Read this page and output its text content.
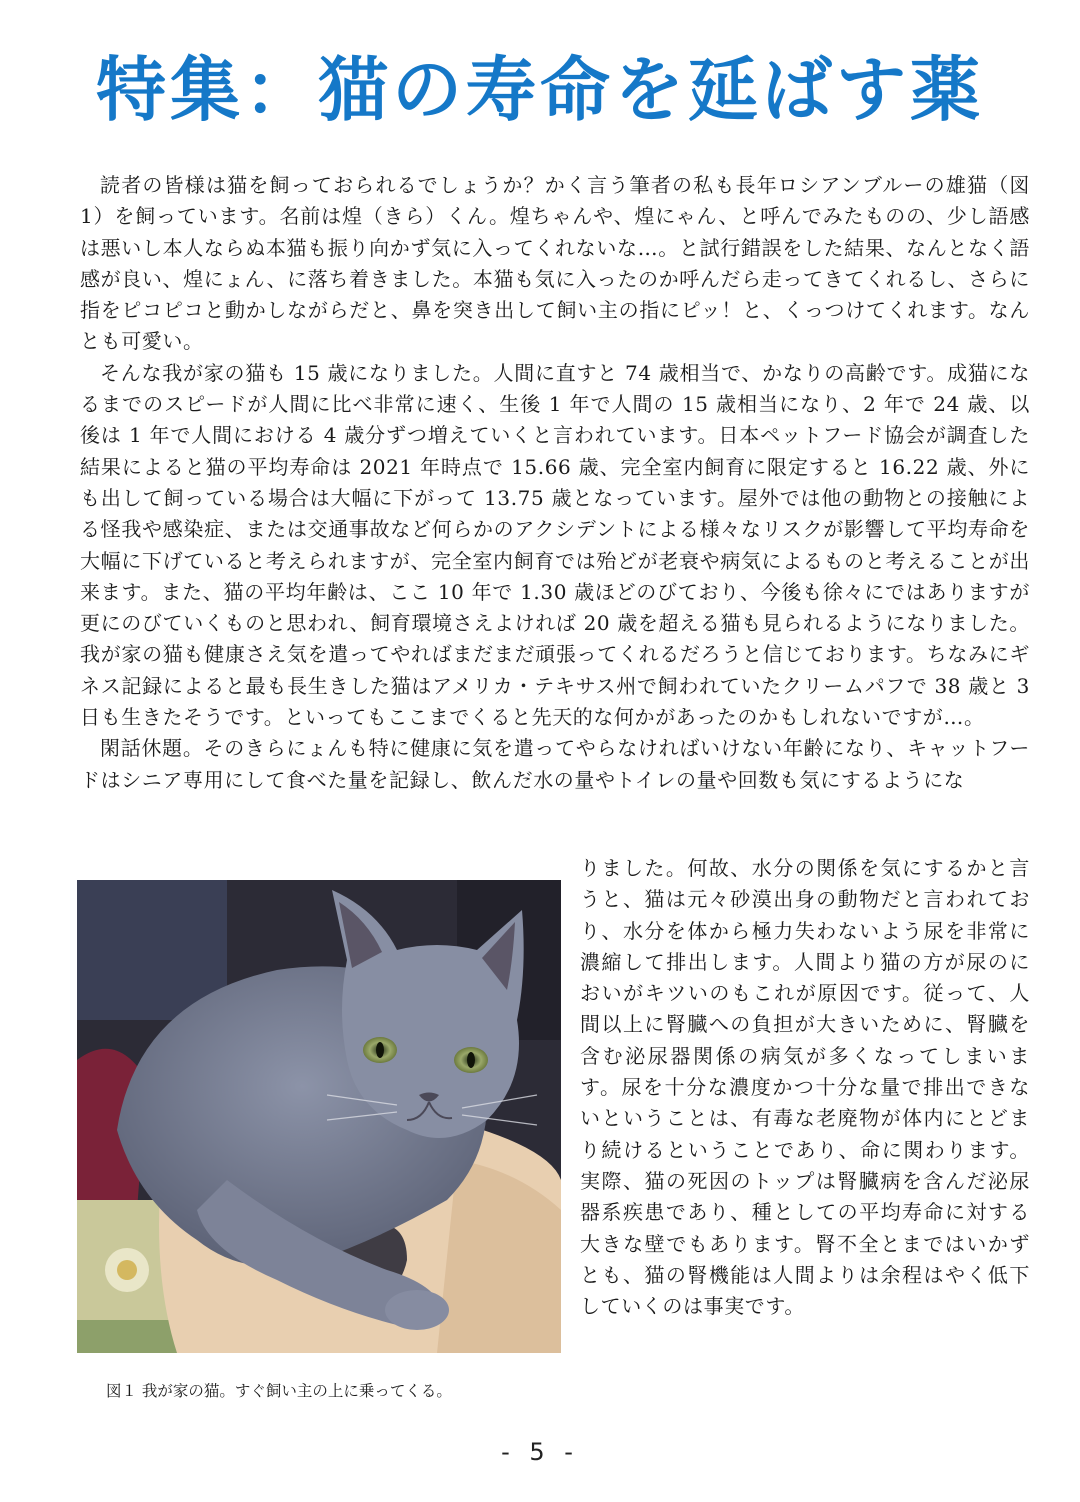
特集：猫の寿命を延ばす薬

読者の皆様は猫を飼っておられるでしょうか？かく言う筆者の私も長年ロシアンブルーの雄猫（図 1）を飼っています。名前は煌（きら）くん。煌ちゃんや、煌にゃん、と呼んでみたものの、少し語感は悪いし本人ならぬ本猫も振り向かず気に入ってくれないな…。と試行錯誤をした結果、なんとなく語感が良い、煌にょん、に落ち着きました。本猫も気に入ったのか呼んだら走ってきてくれるし、さらに指をピコピコと動かしながらだと、鼻を突き出して飼い主の指にピッ！と、くっつけてくれます。なんとも可愛い。

そんな我が家の猫も 15 歳になりました。人間に直すと 74 歳相当で、かなりの高齢です。成猫になるまでのスピードが人間に比べ非常に速く、生後 1 年で人間の 15 歳相当になり、2 年で 24 歳、以後は 1 年で人間における 4 歳分ずつ増えていくと言われています。日本ペットフード協会が調査した結果によると猫の平均寿命は 2021 年時点で 15.66 歳、完全室内飼育に限定すると 16.22 歳、外にも出して飼っている場合は大幅に下がって 13.75 歳となっています。屋外では他の動物との接触による怪我や感染症、または交通事故など何らかのアクシデントによる様々なリスクが影響して平均寿命を大幅に下げていると考えられますが、完全室内飼育では殆どが老衰や病気によるものと考えることが出来ます。また、猫の平均年齢は、ここ 10 年で 1.30 歳ほどのびており、今後も徐々にではありますが更にのびていくものと思われ、飼育環境さえよければ 20 歳を超える猫も見られるようになりました。我が家の猫も健康さえ気を遣ってやればまだまだ頑張ってくれるだろうと信じております。ちなみにギネス記録によると最も長生きした猫はアメリカ・テキサス州で飼われていたクリームパフで 38 歳と 3 日も生きたそうです。といってもここまでくると先天的な何かがあったのかもしれないですが…。

閑話休題。そのきらにょんも特に健康に気を遣ってやらなければいけない年齢になり、キャットフードはシニア専用にして食べた量を記録し、飲んだ水の量やトイレの量や回数も気にするようにな

りました。何故、水分の関係を気にするかと言うと、猫は元々砂漠出身の動物だと言われており、水分を体から極力失わないよう尿を非常に濃縮して排出します。人間より猫の方が尿のにおいがキツいのもこれが原因です。従って、人間以上に腎臓への負担が大きいために、腎臓を含む泌尿器関係の病気が多くなってしまいます。尿を十分な濃度かつ十分な量で排出できないということは、有毒な老廃物が体内にとどまり続けるということであり、命に関わります。実際、猫の死因のトップは腎臓病を含んだ泌尿器系疾患であり、種としての平均寿命に対する大きな壁でもあります。腎不全とまではいかずとも、猫の腎機能は人間よりは余程はやく低下していくのは事実です。

図１ 我が家の猫。すぐ飼い主の上に乗ってくる。
- 5 -
